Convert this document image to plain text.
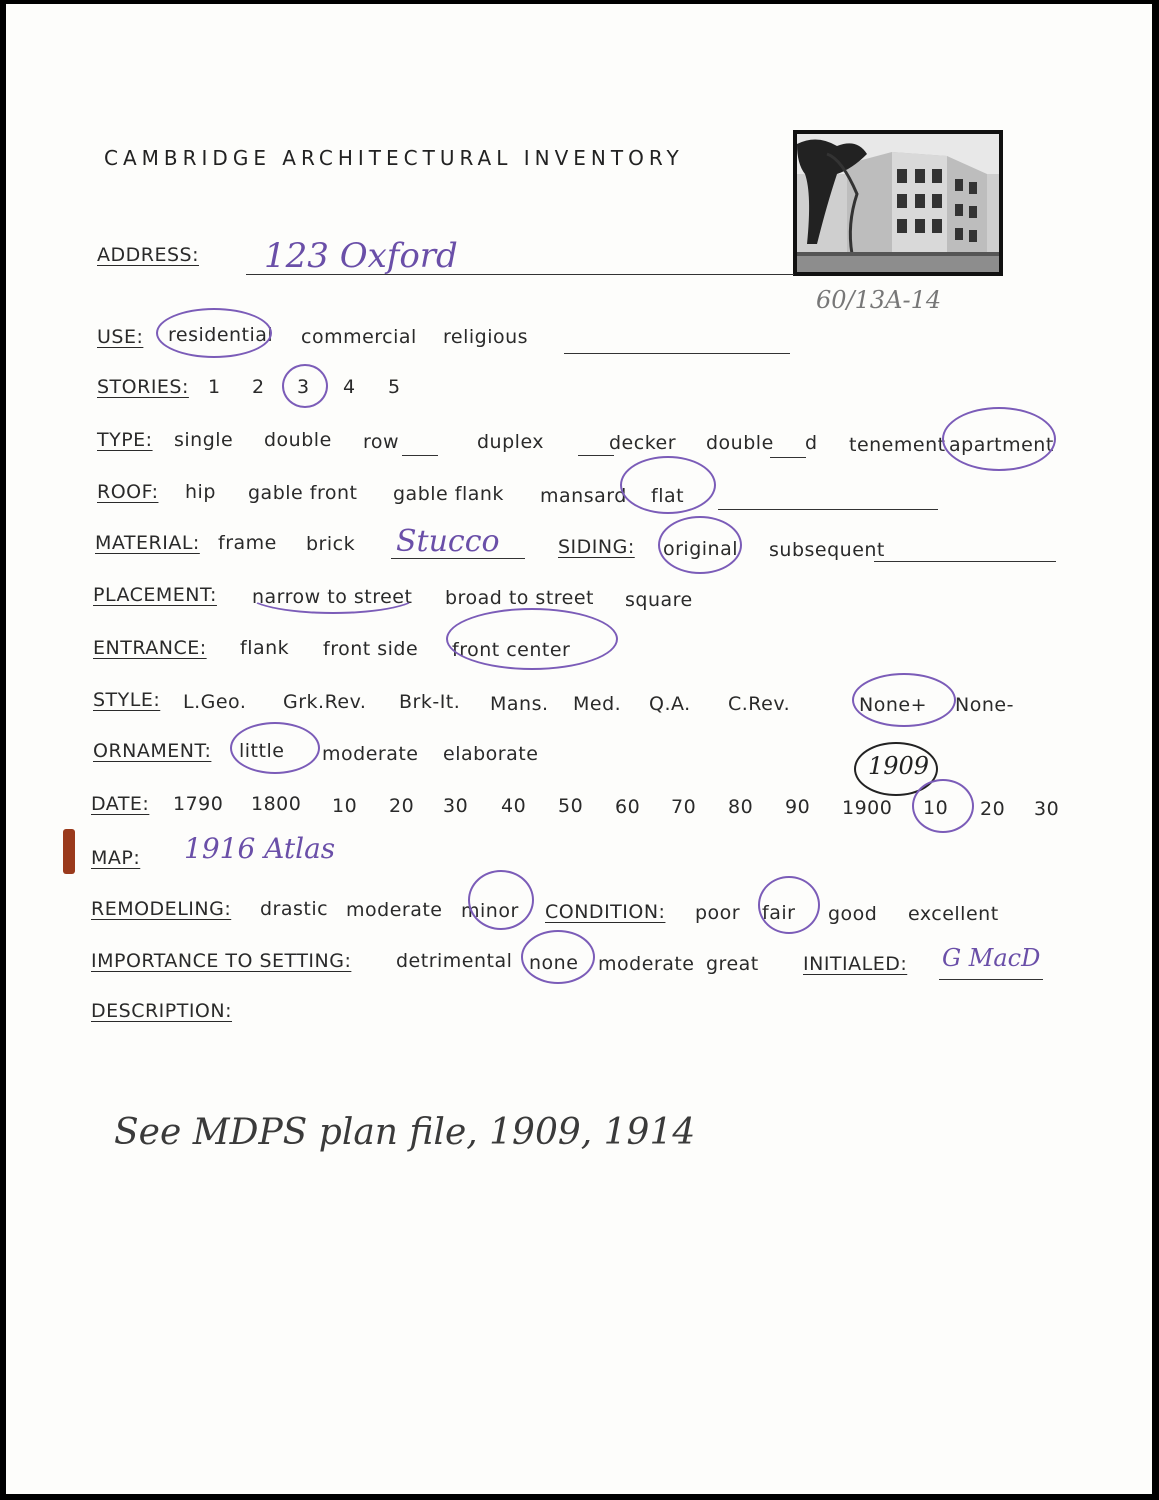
CAMBRIDGE ARCHITECTURAL INVENTORY
60/13A-14
ADDRESS: 123 Oxford
USE: residential commercial religious
STORIES: 1 2 3 4 5
TYPE: single double row	duplex	decker double d tenement apartment
ROOF: hip gable front gable flank mansard flat
MATERIAL: frame brick Stucco	SIDING: original subsequent
PLACEMENT: narrow to street broad to street square
ENTRANCE: flank front side front center
STYLE: L.Geo. Grk.Rev. Brk-It. Mans. Med. Q.A. C.Rev.	None+ None-
ORNAMENT: little moderate elaborate	1909
DATE: 1790 1800 10 20 30 40 50 60 70 80 90 1900 10 20 30
MAP: 1916 Atlas
REMODELING: drastic moderate minor CONDITION: poor fair good excellent
IMPORTANCE TO SETTING: detrimental none moderate great INITIALED: G MacD
DESCRIPTION:
See MDPS plan file, 1909, 1914
